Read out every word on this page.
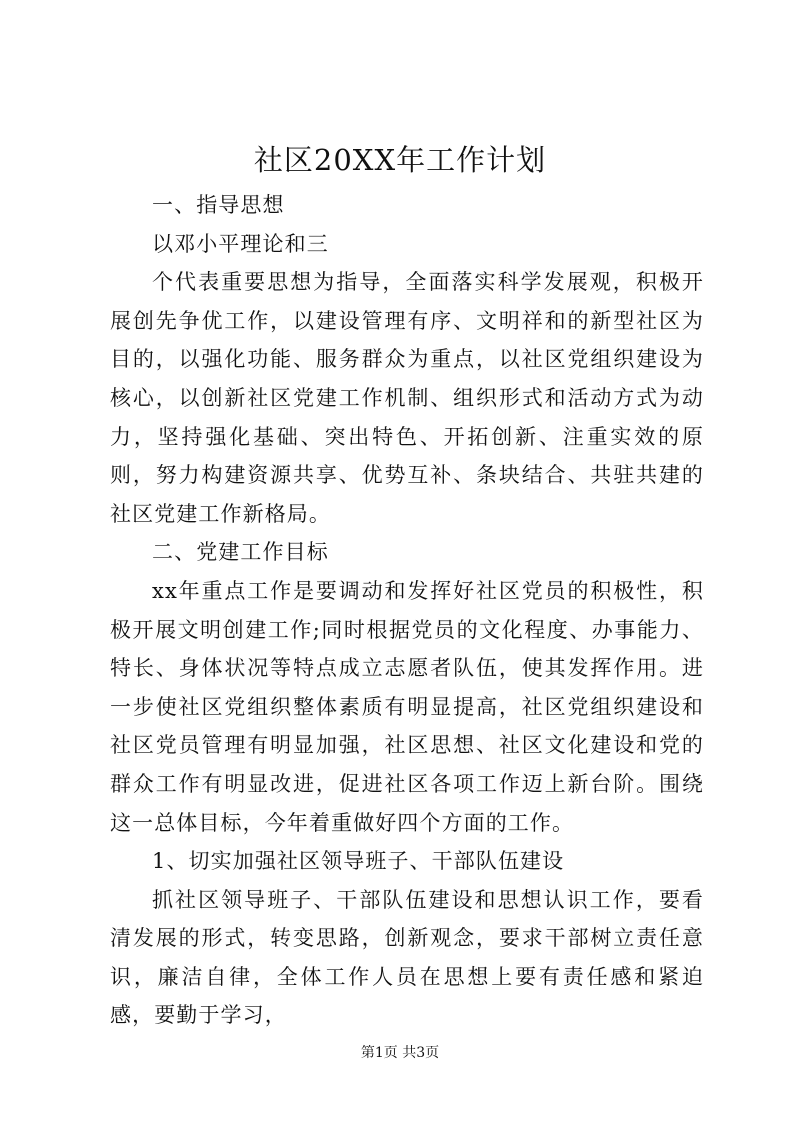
社区20XX年工作计划

一、指导思想

以邓小平理论和三

个代表重要思想为指导，全面落实科学发展观，积极开展创先争优工作，以建设管理有序、文明祥和的新型社区为目的，以强化功能、服务群众为重点，以社区党组织建设为核心，以创新社区党建工作机制、组织形式和活动方式为动力，坚持强化基础、突出特色、开拓创新、注重实效的原则，努力构建资源共享、优势互补、条块结合、共驻共建的社区党建工作新格局。

二、党建工作目标

xx年重点工作是要调动和发挥好社区党员的积极性，积极开展文明创建工作;同时根据党员的文化程度、办事能力、特长、身体状况等特点成立志愿者队伍，使其发挥作用。进一步使社区党组织整体素质有明显提高，社区党组织建设和社区党员管理有明显加强，社区思想、社区文化建设和党的群众工作有明显改进，促进社区各项工作迈上新台阶。围绕这一总体目标，今年着重做好四个方面的工作。

1、切实加强社区领导班子、干部队伍建设

抓社区领导班子、干部队伍建设和思想认识工作，要看清发展的形式，转变思路，创新观念，要求干部树立责任意识，廉洁自律，全体工作人员在思想上要有责任感和紧迫感，要勤于学习，

第1页 共3页
